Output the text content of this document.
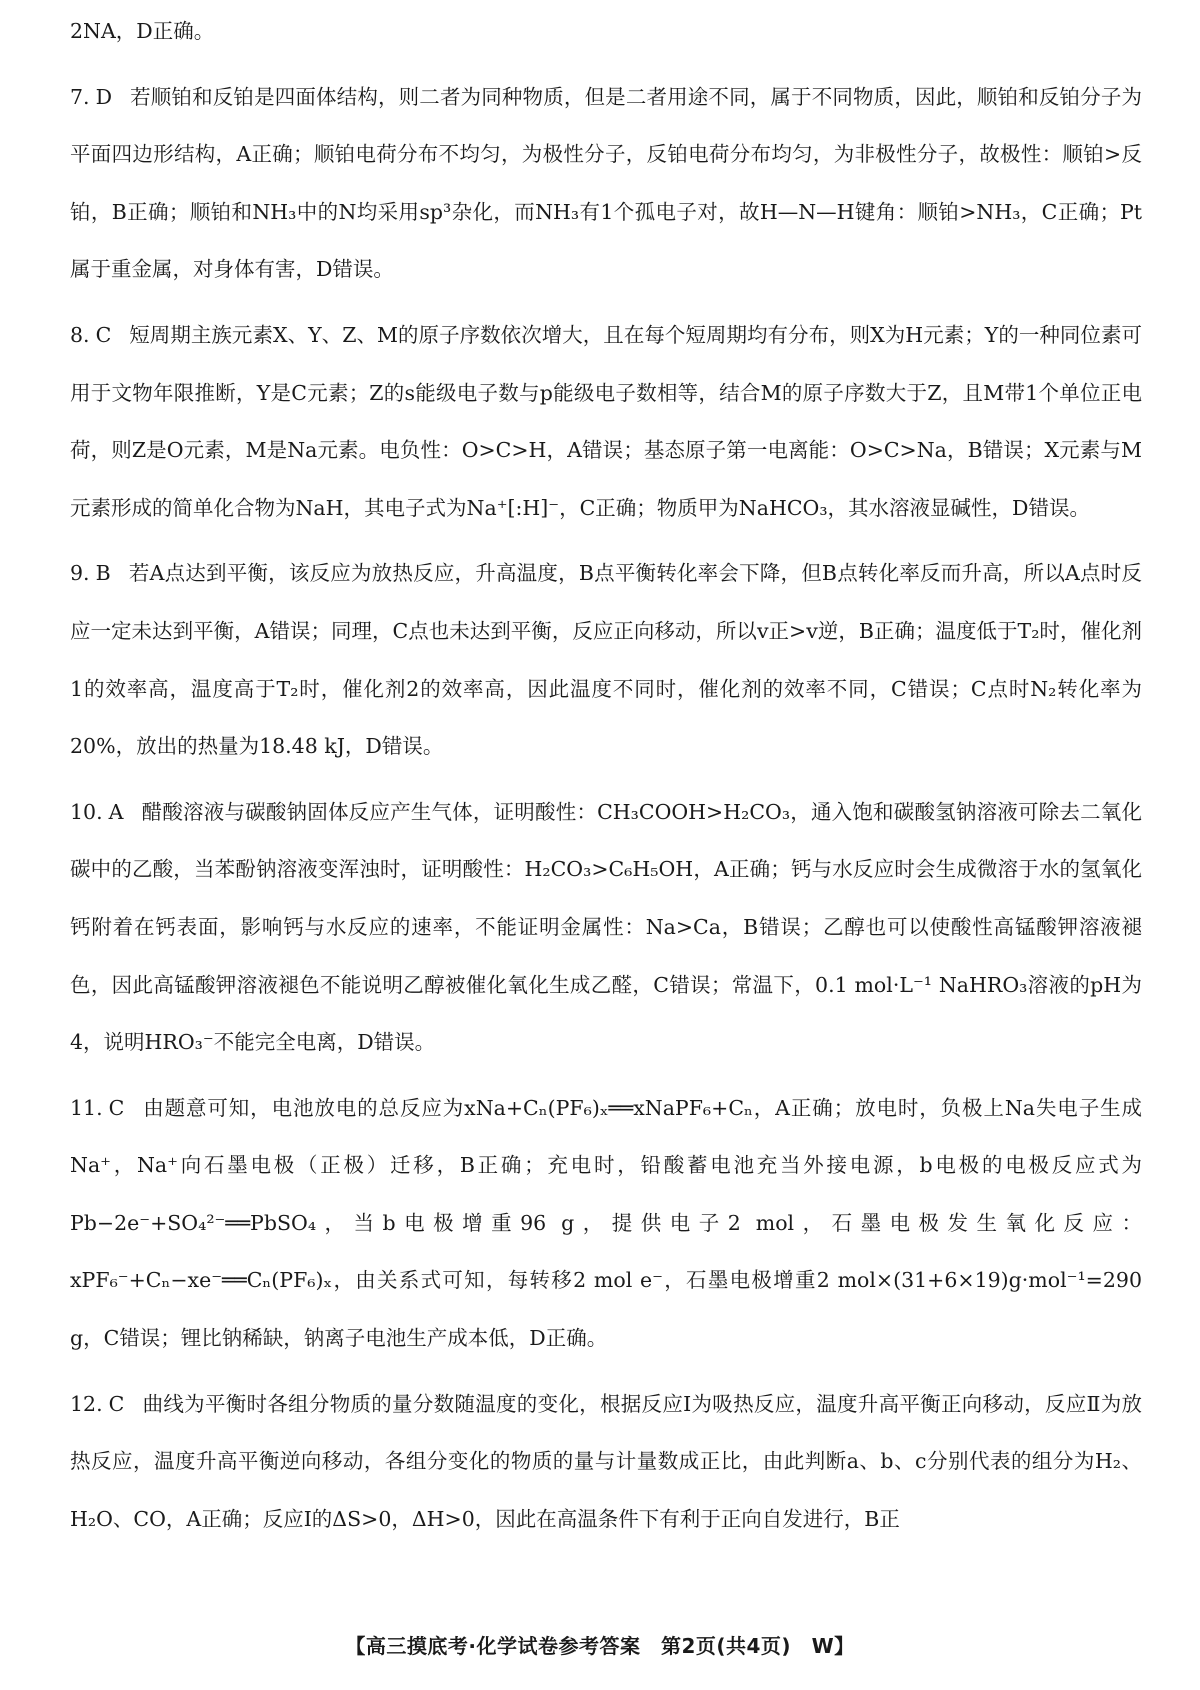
2NA，D正确。

7. D 若顺铂和反铂是四面体结构，则二者为同种物质，但是二者用途不同，属于不同物质，因此，顺铂和反铂分子为平面四边形结构，A正确；顺铂电荷分布不均匀，为极性分子，反铂电荷分布均匀，为非极性分子，故极性：顺铂>反铂，B正确；顺铂和NH₃中的N均采用sp³杂化，而NH₃有1个孤电子对，故H—N—H键角：顺铂>NH₃，C正确；Pt属于重金属，对身体有害，D错误。

8. C 短周期主族元素X、Y、Z、M的原子序数依次增大，且在每个短周期均有分布，则X为H元素；Y的一种同位素可用于文物年限推断，Y是C元素；Z的s能级电子数与p能级电子数相等，结合M的原子序数大于Z，且M带1个单位正电荷，则Z是O元素，M是Na元素。电负性：O>C>H，A错误；基态原子第一电离能：O>C>Na，B错误；X元素与M元素形成的简单化合物为NaH，其电子式为Na⁺[:H]⁻，C正确；物质甲为NaHCO₃，其水溶液显碱性，D错误。

9. B 若A点达到平衡，该反应为放热反应，升高温度，B点平衡转化率会下降，但B点转化率反而升高，所以A点时反应一定未达到平衡，A错误；同理，C点也未达到平衡，反应正向移动，所以v正>v逆，B正确；温度低于T₂时，催化剂1的效率高，温度高于T₂时，催化剂2的效率高，因此温度不同时，催化剂的效率不同，C错误；C点时N₂转化率为20%，放出的热量为18.48 kJ，D错误。

10. A 醋酸溶液与碳酸钠固体反应产生气体，证明酸性：CH₃COOH>H₂CO₃，通入饱和碳酸氢钠溶液可除去二氧化碳中的乙酸，当苯酚钠溶液变浑浊时，证明酸性：H₂CO₃>C₆H₅OH，A正确；钙与水反应时会生成微溶于水的氢氧化钙附着在钙表面，影响钙与水反应的速率，不能证明金属性：Na>Ca，B错误；乙醇也可以使酸性高锰酸钾溶液褪色，因此高锰酸钾溶液褪色不能说明乙醇被催化氧化生成乙醛，C错误；常温下，0.1 mol·L⁻¹ NaHRO₃溶液的pH为4，说明HRO₃⁻不能完全电离，D错误。

11. C 由题意可知，电池放电的总反应为xNa+Cₙ(PF₆)ₓ══xNaPF₆+Cₙ，A正确；放电时，负极上Na失电子生成Na⁺，Na⁺向石墨电极（正极）迁移，B正确；充电时，铅酸蓄电池充当外接电源，b电极的电极反应式为Pb−2e⁻+SO₄²⁻══PbSO₄，当b电极增重96 g，提供电子2 mol，石墨电极发生氧化反应：xPF₆⁻+Cₙ−xe⁻══Cₙ(PF₆)ₓ，由关系式可知，每转移2 mol e⁻，石墨电极增重2 mol×(31+6×19)g·mol⁻¹=290 g，C错误；锂比钠稀缺，钠离子电池生产成本低，D正确。

12. C 曲线为平衡时各组分物质的量分数随温度的变化，根据反应Ⅰ为吸热反应，温度升高平衡正向移动，反应Ⅱ为放热反应，温度升高平衡逆向移动，各组分变化的物质的量与计量数成正比，由此判断a、b、c分别代表的组分为H₂、H₂O、CO，A正确；反应Ⅰ的ΔS>0，ΔH>0，因此在高温条件下有利于正向自发进行，B正

【高三摸底考·化学试卷参考答案　第2页(共4页)　W】
